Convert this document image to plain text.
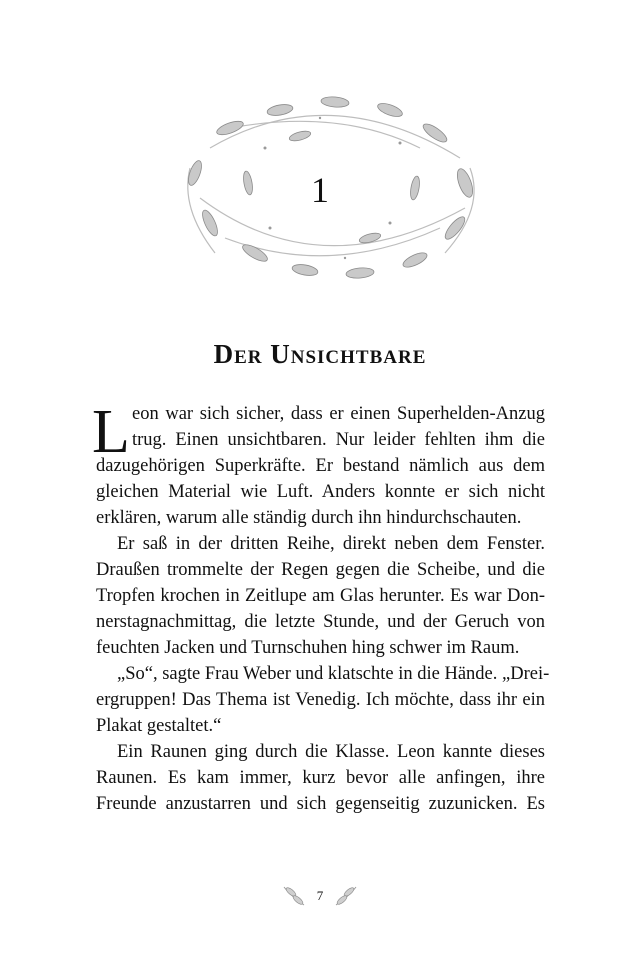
1
Der Unsichtbare
L eon war sich sicher, dass er einen Superhelden-Anzug
trug. Einen unsichtbaren. Nur leider fehlten ihm die
dazugehörigen Superkräfte. Er bestand nämlich aus dem
gleichen Material wie Luft. Anders konnte er sich nicht
erklären, warum alle ständig durch ihn hindurchschauten.
Er saß in der dritten Reihe, direkt neben dem Fenster.
Draußen trommelte der Regen gegen die Scheibe, und die
Tropfen krochen in Zeitlupe am Glas herunter. Es war Don-
nerstagnachmittag, die letzte Stunde, und der Geruch von
feuchten Jacken und Turnschuhen hing schwer im Raum.
„So“, sagte Frau Weber und klatschte in die Hände. „Drei-
ergruppen! Das Thema ist Venedig. Ich möchte, dass ihr ein
Plakat gestaltet.“
Ein Raunen ging durch die Klasse. Leon kannte dieses
Raunen. Es kam immer, kurz bevor alle anfingen, ihre
Freunde anzustarren und sich gegenseitig zuzunicken. Es
7
